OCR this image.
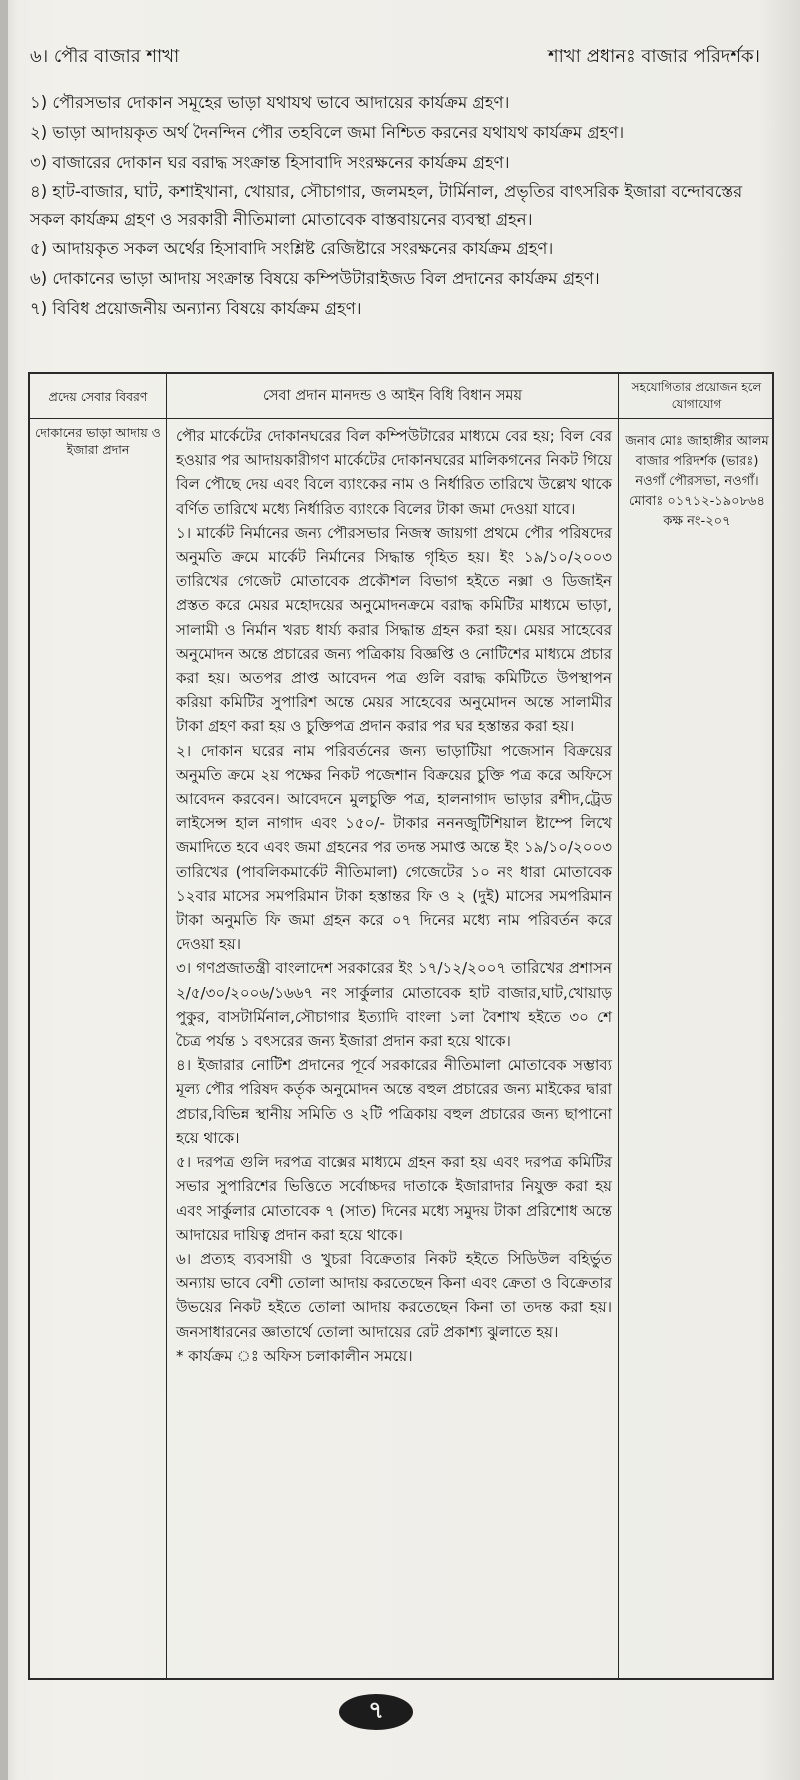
৬। পৌর বাজার শাখা	শাখা প্রধানঃ বাজার পরিদর্শক।

১) পৌরসভার দোকান সমূহের ভাড়া যথাযথ ভাবে আদায়ের কার্যক্রম গ্রহণ।

২) ভাড়া আদায়কৃত অর্থ দৈনন্দিন পৌর তহবিলে জমা নিশ্চিত করনের যথাযথ কার্যক্রম গ্রহণ।

৩) বাজারের দোকান ঘর বরাদ্ধ সংক্রান্ত হিসাবাদি সংরক্ষনের কার্যক্রম গ্রহণ।

৪) হাট-বাজার, ঘাট, কশাইখানা, খোয়ার, সৌচাগার, জলমহল, টার্মিনাল, প্রভৃতির বাৎসরিক ইজারা বন্দোবস্তের সকল কার্যক্রম গ্রহণ ও সরকারী নীতিমালা মোতাবেক বাস্তবায়নের ব্যবস্থা গ্রহন।

৫) আদায়কৃত সকল অর্থের হিসাবাদি সংশ্লিষ্ট রেজিষ্টারে সংরক্ষনের কার্যক্রম গ্রহণ।

৬) দোকানের ভাড়া আদায় সংক্রান্ত বিষয়ে কম্পিউটারাইজড বিল প্রদানের কার্যক্রম গ্রহণ।

৭) বিবিধ প্রয়োজনীয় অন্যান্য বিষয়ে কার্যক্রম গ্রহণ।

প্রদেয় সেবার বিবরণ	সেবা প্রদান মানদন্ড ও আইন বিধি বিধান সময়
সহযোগিতার প্রয়োজন হলে যোগাযোগ
দোকানের ভাড়া আদায় ও ইজারা প্রদান

পৌর মার্কেটের দোকানঘরের বিল কম্পিউটারের মাধ্যমে বের হয়; বিল বের হওয়ার পর আদায়কারীগণ মার্কেটের দোকানঘরের মালিকগনের নিকট গিয়ে বিল পৌছে দেয় এবং বিলে ব্যাংকের নাম ও নির্ধারিত তারিখে উল্লেখ থাকে বর্ণিত তারিখে মধ্যে নির্ধারিত ব্যাংকে বিলের টাকা জমা দেওয়া যাবে।

১। মার্কেট নির্মানের জন্য পৌরসভার নিজস্ব জায়গা প্রথমে পৌর পরিষদের অনুমতি ক্রমে মার্কেট নির্মানের সিদ্ধান্ত গৃহিত হয়। ইং ১৯/১০/২০০৩ তারিখের গেজেট মোতাবেক প্রকৌশল বিভাগ হইতে নক্সা ও ডিজাইন প্রস্তত করে মেয়র মহোদয়ের অনুমোদনক্রমে বরাদ্ধ কমিটির মাধ্যমে ভাড়া, সালামী ও নির্মান খরচ ধার্য্য করার সিদ্ধান্ত গ্রহন করা হয়। মেয়র সাহেবের অনুমোদন অন্তে প্রচারের জন্য পত্রিকায় বিজ্ঞপ্তি ও নোটিশের মাধ্যমে প্রচার করা হয়। অতপর প্রাপ্ত আবেদন পত্র গুলি বরাদ্ধ কমিটিতে উপস্থাপন করিয়া কমিটির সুপারিশ অন্তে মেয়র সাহেবের অনুমোদন অন্তে সালামীর টাকা গ্রহণ করা হয় ও চুক্তিপত্র প্রদান করার পর ঘর হস্তান্তর করা হয়।

২। দোকান ঘরের নাম পরিবর্তনের জন্য ভাড়াটিয়া পজেসান বিক্রয়ের অনুমতি ক্রমে ২য় পক্ষের নিকট পজেশান বিক্রয়ের চুক্তি পত্র করে অফিসে আবেদন করবেন। আবেদনে মুলচুক্তি পত্র, হালনাগাদ ভাড়ার রশীদ,ট্রেড লাইসেন্স হাল নাগাদ এবং ১৫০/- টাকার নননজুটিশিয়াল ষ্টাম্পে লিখে জমাদিতে হবে এবং জমা গ্রহনের পর তদন্ত সমাপ্ত অন্তে ইং ১৯/১০/২০০৩ তারিখের (পাবলিকমার্কেট নীতিমালা) গেজেটের ১০ নং ধারা মোতাবেক ১২বার মাসের সমপরিমান টাকা হস্তান্তর ফি ও ২ (দুই) মাসের সমপরিমান টাকা অনুমতি ফি জমা গ্রহন করে ০৭ দিনের মধ্যে নাম পরিবর্তন করে দেওয়া হয়।

৩। গণপ্রজাতন্ত্রী বাংলাদেশ সরকারের ইং ১৭/১২/২০০৭ তারিখের প্রশাসন ২/৫/৩০/২০০৬/১৬৬৭ নং সার্কুলার মোতাবেক হাট বাজার,ঘাট,খোয়াড় পুকুর, বাসটার্মিনাল,সৌচাগার ইত্যাদি বাংলা ১লা বৈশাখ হইতে ৩০ শে চৈত্র পর্যন্ত ১ বৎসরের জন্য ইজারা প্রদান করা হয়ে থাকে।

৪। ইজারার নোটিশ প্রদানের পূর্বে সরকারের নীতিমালা মোতাবেক সম্ভাব্য মূল্য পৌর পরিষদ কর্তৃক অনুমোদন অন্তে বহুল প্রচারের জন্য মাইকের দ্বারা প্রচার,বিভিন্ন স্থানীয় সমিতি ও ২টি পত্রিকায় বহুল প্রচারের জন্য ছাপানো হয়ে থাকে।

৫। দরপত্র গুলি দরপত্র বাক্সের মাধ্যমে গ্রহন করা হয় এবং দরপত্র কমিটির সভার সুপারিশের ভিত্তিতে সর্বোচ্চদর দাতাকে ইজারাদার নিযুক্ত করা হয় এবং সার্কুলার মোতাবেক ৭ (সাত) দিনের মধ্যে সমুদয় টাকা প্ররিশোধ অন্তে আদায়ের দায়িত্ব প্রদান করা হয়ে থাকে।

৬। প্রত্যহ ব্যবসায়ী ও খুচরা বিক্রেতার নিকট হইতে সিডিউল বহির্ভুত অন্যায় ভাবে বেশী তোলা আদায় করতেছেন কিনা এবং ক্রেতা ও বিক্রেতার উভয়ের নিকট হইতে তোলা আদায় করতেছেন কিনা তা তদন্ত করা হয়। জনসাধারনের জ্ঞাতার্থে তোলা আদায়ের রেট প্রকাশ্য ঝুলাতে হয়।

* কার্যক্রম ঃ অফিস চলাকালীন সময়ে।

জনাব মোঃ জাহাঙ্গীর আলম
বাজার পরিদর্শক (ভারঃ)
নওগাঁ পৌরসভা, নওগাঁ।
মোবাঃ ০১৭১২-১৯০৮৬৪
কক্ষ নং-২০৭
৭
